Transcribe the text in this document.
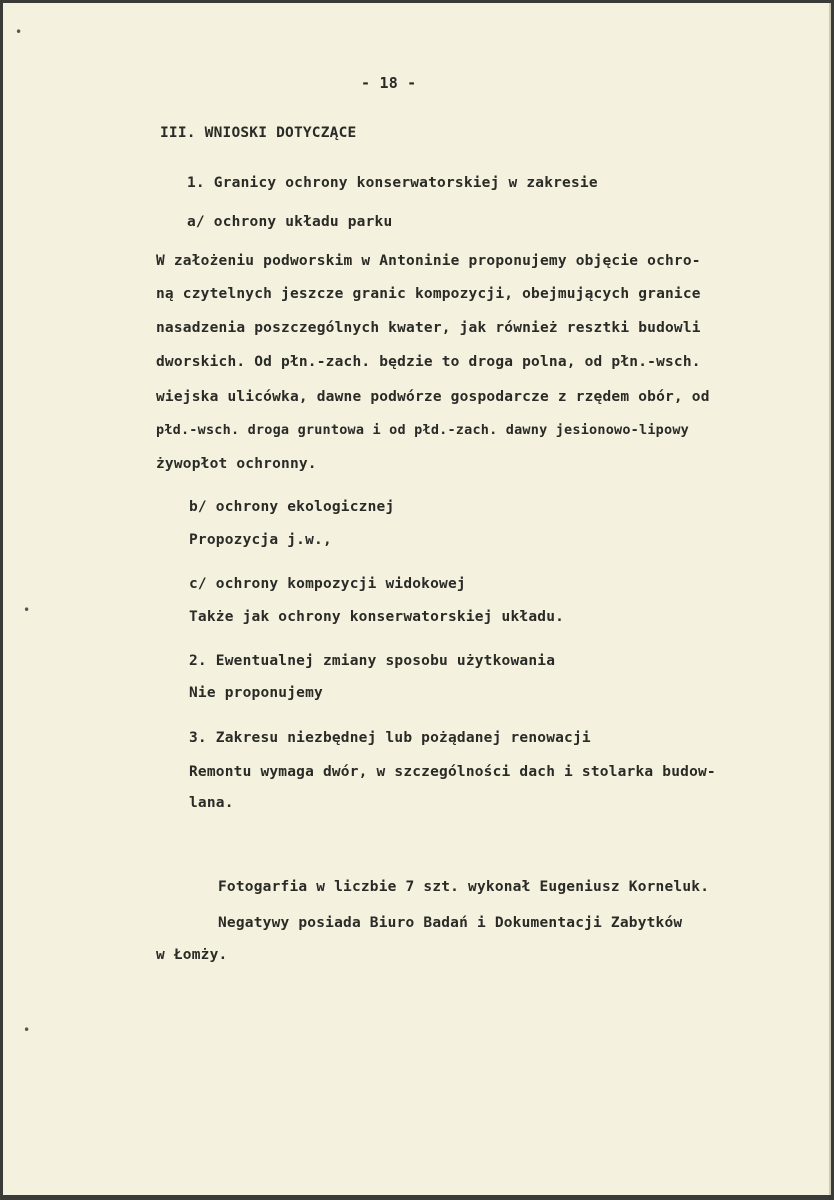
- 18 -
III. WNIOSKI DOTYCZĄCE
1. Granicy ochrony konserwatorskiej w zakresie
a/ ochrony układu parku
W założeniu podworskim w Antoninie proponujemy objęcie ochro-
ną czytelnych jeszcze granic kompozycji, obejmujących granice
nasadzenia poszczególnych kwater, jak również resztki budowli
dworskich. Od płn.-zach. będzie to droga polna, od płn.-wsch.
wiejska ulicówka, dawne podwórze gospodarcze z rzędem obór, od
płd.-wsch. droga gruntowa i od płd.-zach. dawny jesionowo-lipowy
żywopłot ochronny.
b/ ochrony ekologicznej
Propozycja j.w.,
c/ ochrony kompozycji widokowej
Także jak ochrony konserwatorskiej układu.
2. Ewentualnej zmiany sposobu użytkowania
Nie proponujemy
3. Zakresu niezbędnej lub pożądanej renowacji
Remontu wymaga dwór, w szczególności dach i stolarka budow-
lana.
Fotogarfia w liczbie 7 szt. wykonał Eugeniusz Korneluk.
Negatywy posiada Biuro Badań i Dokumentacji Zabytków
w Łomży.
•
•
•
